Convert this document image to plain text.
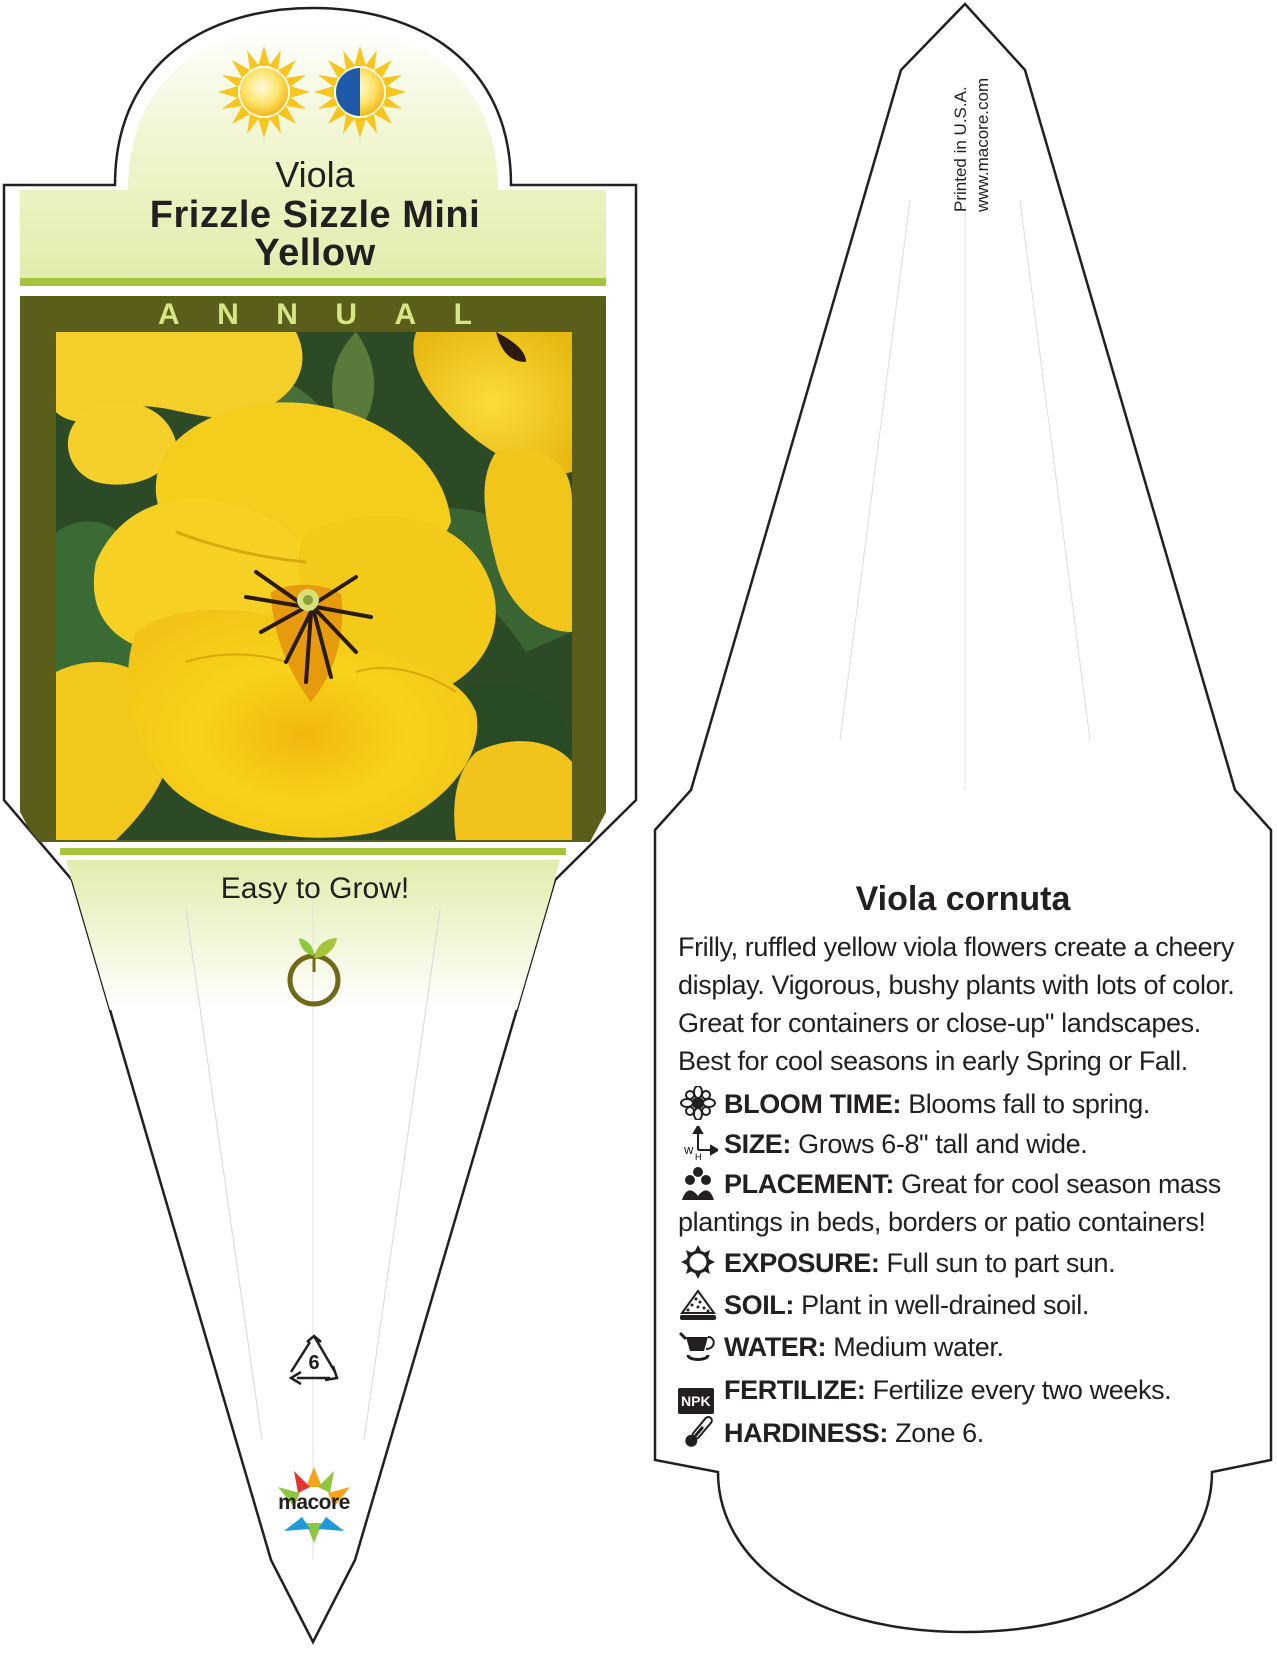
Viola
Frizzle Sizzle Mini
Yellow
A N N U A L
Easy to Grow!
6
macore
Printed in U.S.A. www.macore.com
Viola cornuta
Frilly, ruffled yellow viola flowers create a cheery display. Vigorous, bushy plants with lots of color. Great for containers or close-up" landscapes. Best for cool seasons in early Spring or Fall.
BLOOM TIME: Blooms fall to spring.
W H SIZE: Grows 6-8" tall and wide.
PLACEMENT: Great for cool season mass plantings in beds, borders or patio containers!
EXPOSURE: Full sun to part sun.
SOIL: Plant in well-drained soil.
WATER: Medium water.
NPK FERTILIZE: Fertilize every two weeks.
HARDINESS: Zone 6.
